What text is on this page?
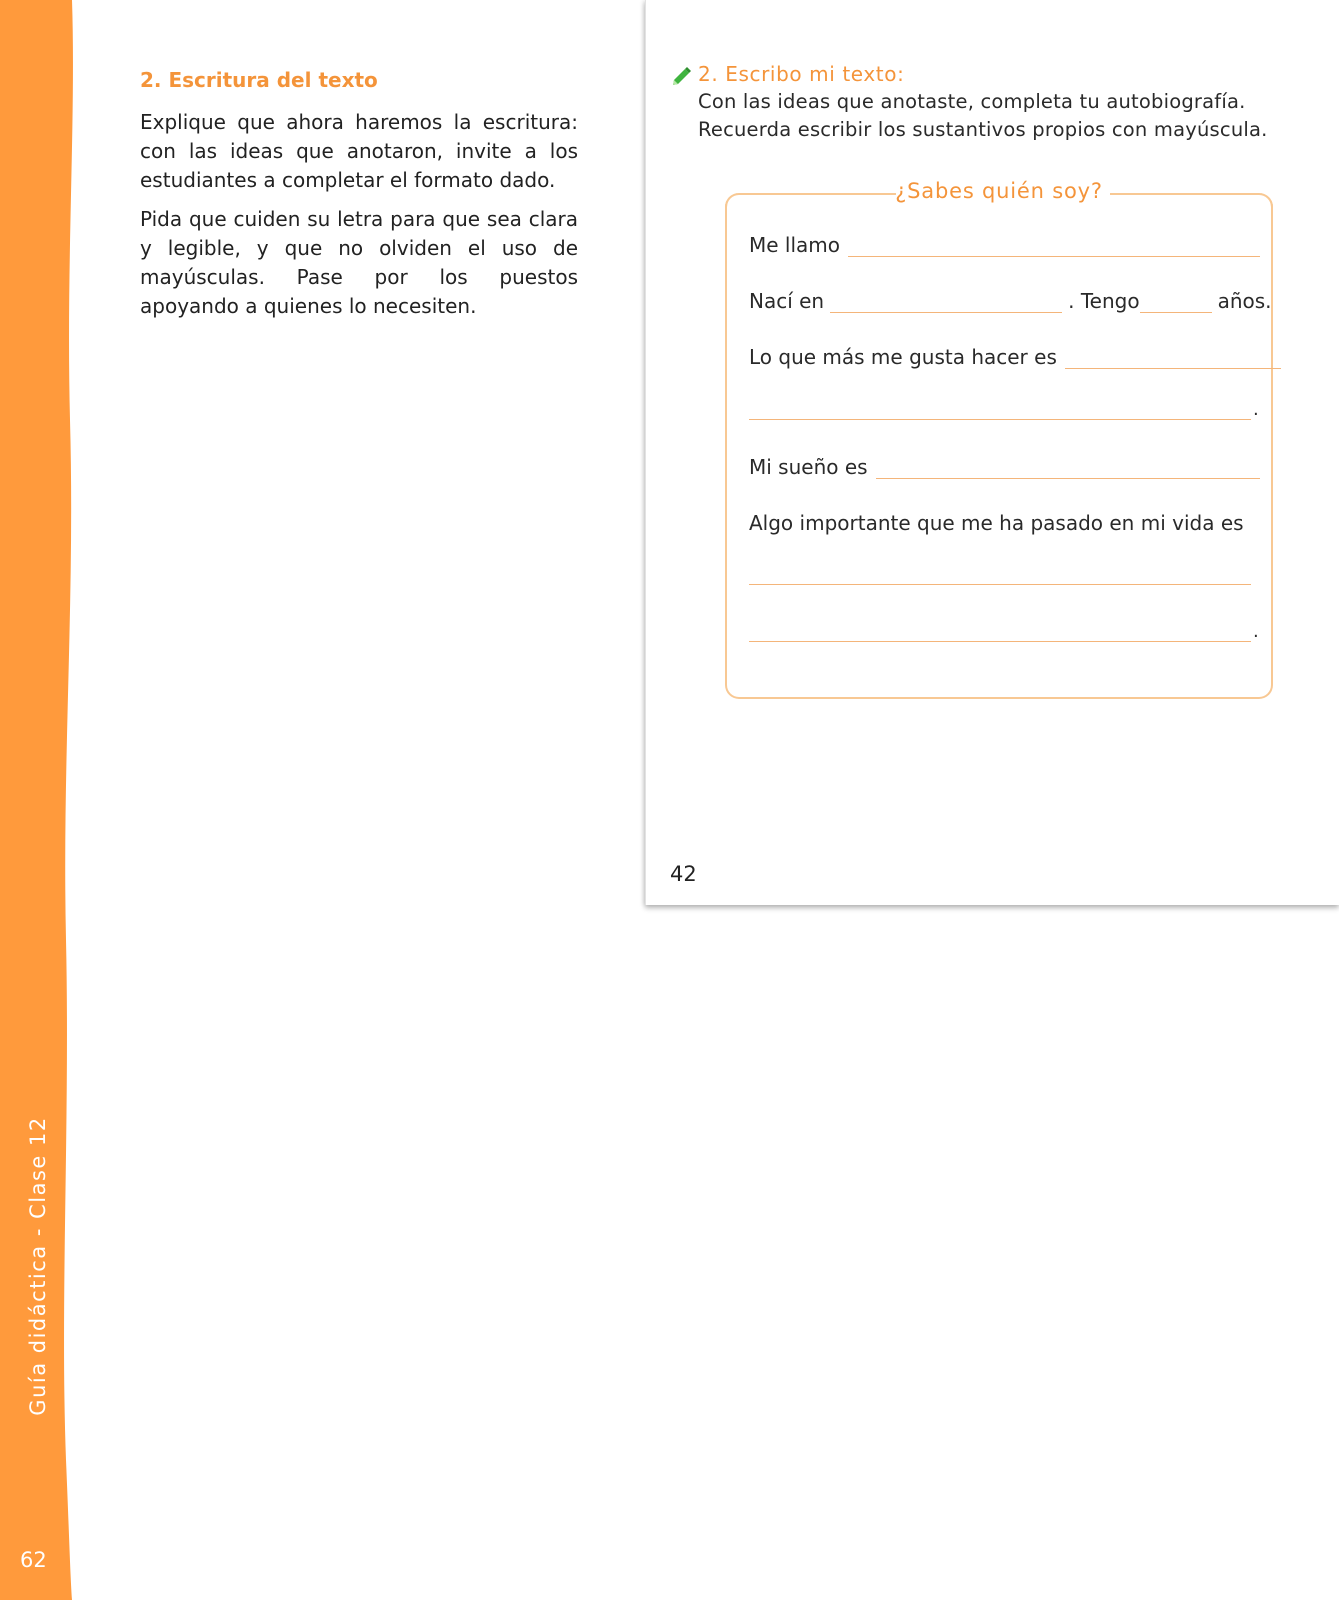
Guía didáctica - Clase 12
62
2. Escritura del texto

Explique que ahora haremos la escritura: con las ideas que anotaron, invite a los estudiantes a completar el formato dado.

Pida que cuiden su letra para que sea clara y legible, y que no olviden el uso de mayúsculas. Pase por los puestos apoyando a quienes lo necesiten.

2. Escribo mi texto:
Con las ideas que anotaste, completa tu autobiografía.
Recuerda escribir los sustantivos propios con mayúscula.
¿Sabes quién soy?
Me llamo
Nací en	. Tengo	años.
Lo que más me gusta hacer es
.
Mi sueño es
Algo importante que me ha pasado en mi vida es
.
42
